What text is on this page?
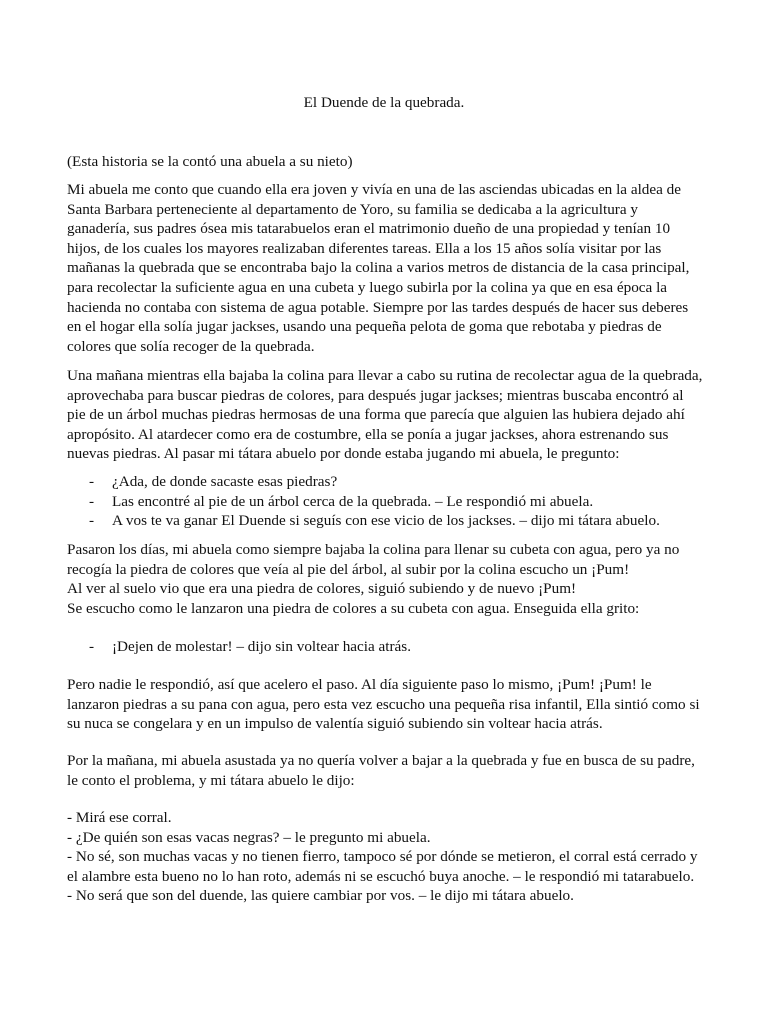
El Duende de la quebrada.

(Esta historia se la contó una abuela a su nieto)

Mi abuela me conto que cuando ella era joven y vivía en una de las asciendas ubicadas en la aldea de
Santa Barbara perteneciente al departamento de Yoro, su familia se dedicaba a la agricultura y
ganadería, sus padres ósea mis tatarabuelos eran el matrimonio dueño de una propiedad y tenían 10
hijos, de los cuales los mayores realizaban diferentes tareas. Ella a los 15 años solía visitar por las
mañanas la quebrada que se encontraba bajo la colina a varios metros de distancia de la casa principal,
para recolectar la suficiente agua en una cubeta y luego subirla por la colina ya que en esa época la
hacienda no contaba con sistema de agua potable. Siempre por las tardes después de hacer sus deberes
en el hogar ella solía jugar jackses, usando una pequeña pelota de goma que rebotaba y piedras de
colores que solía recoger de la quebrada.
Una mañana mientras ella bajaba la colina para llevar a cabo su rutina de recolectar agua de la quebrada,
aprovechaba para buscar piedras de colores, para después jugar jackses; mientras buscaba encontró al
pie de un árbol muchas piedras hermosas de una forma que parecía que alguien las hubiera dejado ahí
apropósito. Al atardecer como era de costumbre, ella se ponía a jugar jackses, ahora estrenando sus
nuevas piedras. Al pasar mi tátara abuelo por donde estaba jugando mi abuela, le pregunto:
- ¿Ada, de donde sacaste esas piedras?
- Las encontré al pie de un árbol cerca de la quebrada. – Le respondió mi abuela.
- A vos te va ganar El Duende si seguís con ese vicio de los jackses. – dijo mi tátara abuelo.
Pasaron los días, mi abuela como siempre bajaba la colina para llenar su cubeta con agua, pero ya no
recogía la piedra de colores que veía al pie del árbol, al subir por la colina escucho un ¡Pum!
Al ver al suelo vio que era una piedra de colores, siguió subiendo y de nuevo ¡Pum!
Se escucho como le lanzaron una piedra de colores a su cubeta con agua. Enseguida ella grito:
- ¡Dejen de molestar! – dijo sin voltear hacia atrás.
Pero nadie le respondió, así que acelero el paso. Al día siguiente paso lo mismo, ¡Pum! ¡Pum! le
lanzaron piedras a su pana con agua, pero esta vez escucho una pequeña risa infantil, Ella sintió como si
su nuca se congelara y en un impulso de valentía siguió subiendo sin voltear hacia atrás.
Por la mañana, mi abuela asustada ya no quería volver a bajar a la quebrada y fue en busca de su padre,
le conto el problema, y mi tátara abuelo le dijo:
- Mirá ese corral.
- ¿De quién son esas vacas negras? – le pregunto mi abuela.
- No sé, son muchas vacas y no tienen fierro, tampoco sé por dónde se metieron, el corral está cerrado y
el alambre esta bueno no lo han roto, además ni se escuchó buya anoche. – le respondió mi tatarabuelo.
- No será que son del duende, las quiere cambiar por vos. – le dijo mi tátara abuelo.
